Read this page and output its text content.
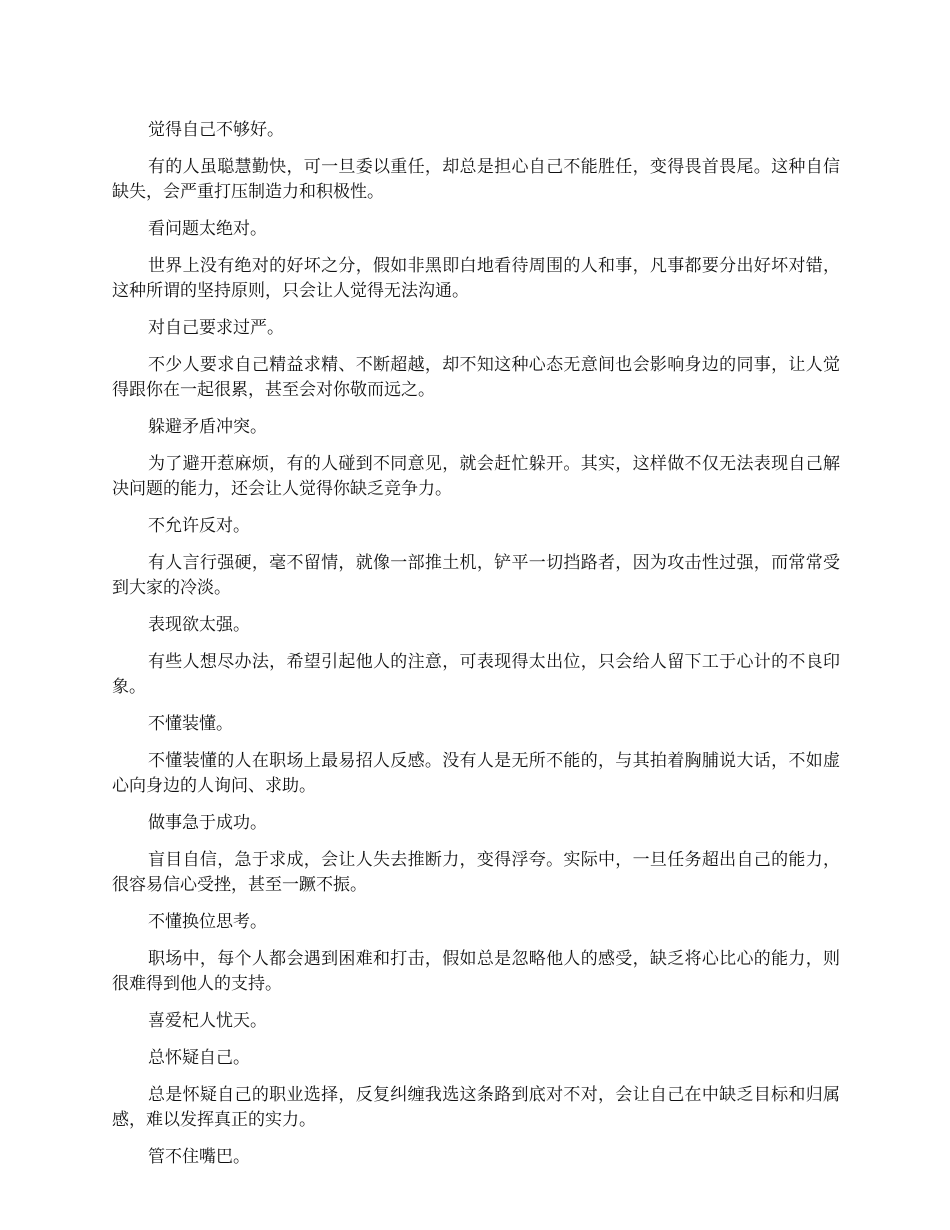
觉得自己不够好。

有的人虽聪慧勤快，可一旦委以重任，却总是担心自己不能胜任，变得畏首畏尾。这种自信缺失，会严重打压制造力和积极性。

看问题太绝对。

世界上没有绝对的好坏之分，假如非黑即白地看待周围的人和事，凡事都要分出好坏对错，这种所谓的坚持原则，只会让人觉得无法沟通。

对自己要求过严。

不少人要求自己精益求精、不断超越，却不知这种心态无意间也会影响身边的同事，让人觉得跟你在一起很累，甚至会对你敬而远之。

躲避矛盾冲突。

为了避开惹麻烦，有的人碰到不同意见，就会赶忙躲开。其实，这样做不仅无法表现自己解决问题的能力，还会让人觉得你缺乏竞争力。

不允许反对。

有人言行强硬，毫不留情，就像一部推土机，铲平一切挡路者，因为攻击性过强，而常常受到大家的冷淡。

表现欲太强。

有些人想尽办法，希望引起他人的注意，可表现得太出位，只会给人留下工于心计的不良印象。

不懂装懂。

不懂装懂的人在职场上最易招人反感。没有人是无所不能的，与其拍着胸脯说大话，不如虚心向身边的人询问、求助。

做事急于成功。

盲目自信，急于求成，会让人失去推断力，变得浮夸。实际中，一旦任务超出自己的能力，很容易信心受挫，甚至一蹶不振。

不懂换位思考。

职场中，每个人都会遇到困难和打击，假如总是忽略他人的感受，缺乏将心比心的能力，则很难得到他人的支持。

喜爱杞人忧天。

总怀疑自己。

总是怀疑自己的职业选择，反复纠缠我选这条路到底对不对，会让自己在中缺乏目标和归属感，难以发挥真正的实力。

管不住嘴巴。
